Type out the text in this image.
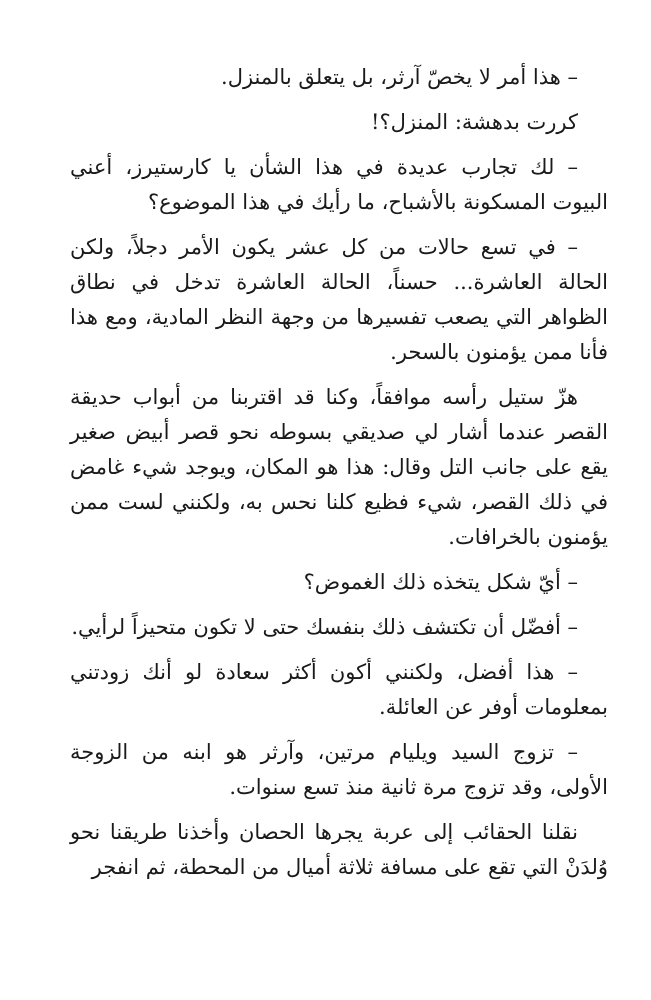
– هذا أمر لا يخصّ آرثر، بل يتعلق بالمنزل.

كررت بدهشة: المنزل؟!

– لك تجارب عديدة في هذا الشأن يا كارستيرز، أعني البيوت المسكونة بالأشباح، ما رأيك في هذا الموضوع؟

– في تسع حالات من كل عشر يكون الأمر دجلاً، ولكن الحالة العاشرة... حسناً، الحالة العاشرة تدخل في نطاق الظواهر التي يصعب تفسيرها من وجهة النظر المادية، ومع هذا فأنا ممن يؤمنون بالسحر.

هزّ ستيل رأسه موافقاً، وكنا قد اقتربنا من أبواب حديقة القصر عندما أشار لي صديقي بسوطه نحو قصر أبيض صغير يقع على جانب التل وقال: هذا هو المكان، ويوجد شيء غامض في ذلك القصر، شيء فظيع كلنا نحس به، ولكنني لست ممن يؤمنون بالخرافات.

– أيّ شكل يتخذه ذلك الغموض؟

– أفضّل أن تكتشف ذلك بنفسك حتى لا تكون متحيزاً لرأيي.

– هذا أفضل، ولكنني أكون أكثر سعادة لو أنك زودتني بمعلومات أوفر عن العائلة.

– تزوج السيد ويليام مرتين، وآرثر هو ابنه من الزوجة الأولى، وقد تزوج مرة ثانية منذ تسع سنوات.

نقلنا الحقائب إلى عربة يجرها الحصان وأخذنا طريقنا نحو وُلدَنْ التي تقع على مسافة ثلاثة أميال من المحطة، ثم انفجر
